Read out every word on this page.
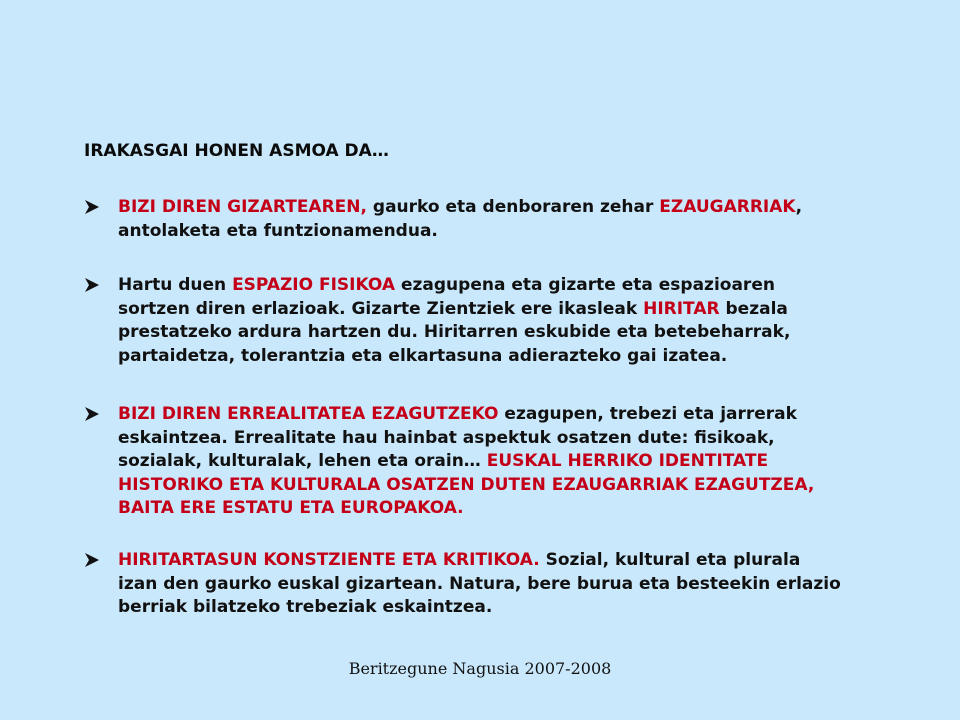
IRAKASGAI HONEN ASMOA DA…
BIZI DIREN GIZARTEAREN, gaurko eta denboraren zehar EZAUGARRIAK, antolaketa eta funtzionamendua.
Hartu duen ESPAZIO FISIKOA ezagupena eta gizarte eta espazioaren sortzen diren erlazioak. Gizarte Zientziek ere ikasleak HIRITAR bezala prestatzeko ardura hartzen du. Hiritarren eskubide eta betebeharrak, partaidetza, tolerantzia eta elkartasuna adierazteko gai izatea.
BIZI DIREN ERREALITATEA EZAGUTZEKO ezagupen, trebezi eta jarrerak eskaintzea. Errealitate hau hainbat aspektuk osatzen dute: fisikoak, sozialak, kulturalak, lehen eta orain… EUSKAL HERRIKO IDENTITATE HISTORIKO ETA KULTURALA OSATZEN DUTEN EZAUGARRIAK EZAGUTZEA, BAITA ERE ESTATU ETA EUROPAKOA.
HIRITARTASUN KONSTZIENTE ETA KRITIKOA. Sozial, kultural eta plurala izan den gaurko euskal gizartean. Natura, bere burua eta besteekin erlazio berriak bilatzeko trebeziak eskaintzea.
Beritzegune Nagusia 2007-2008
